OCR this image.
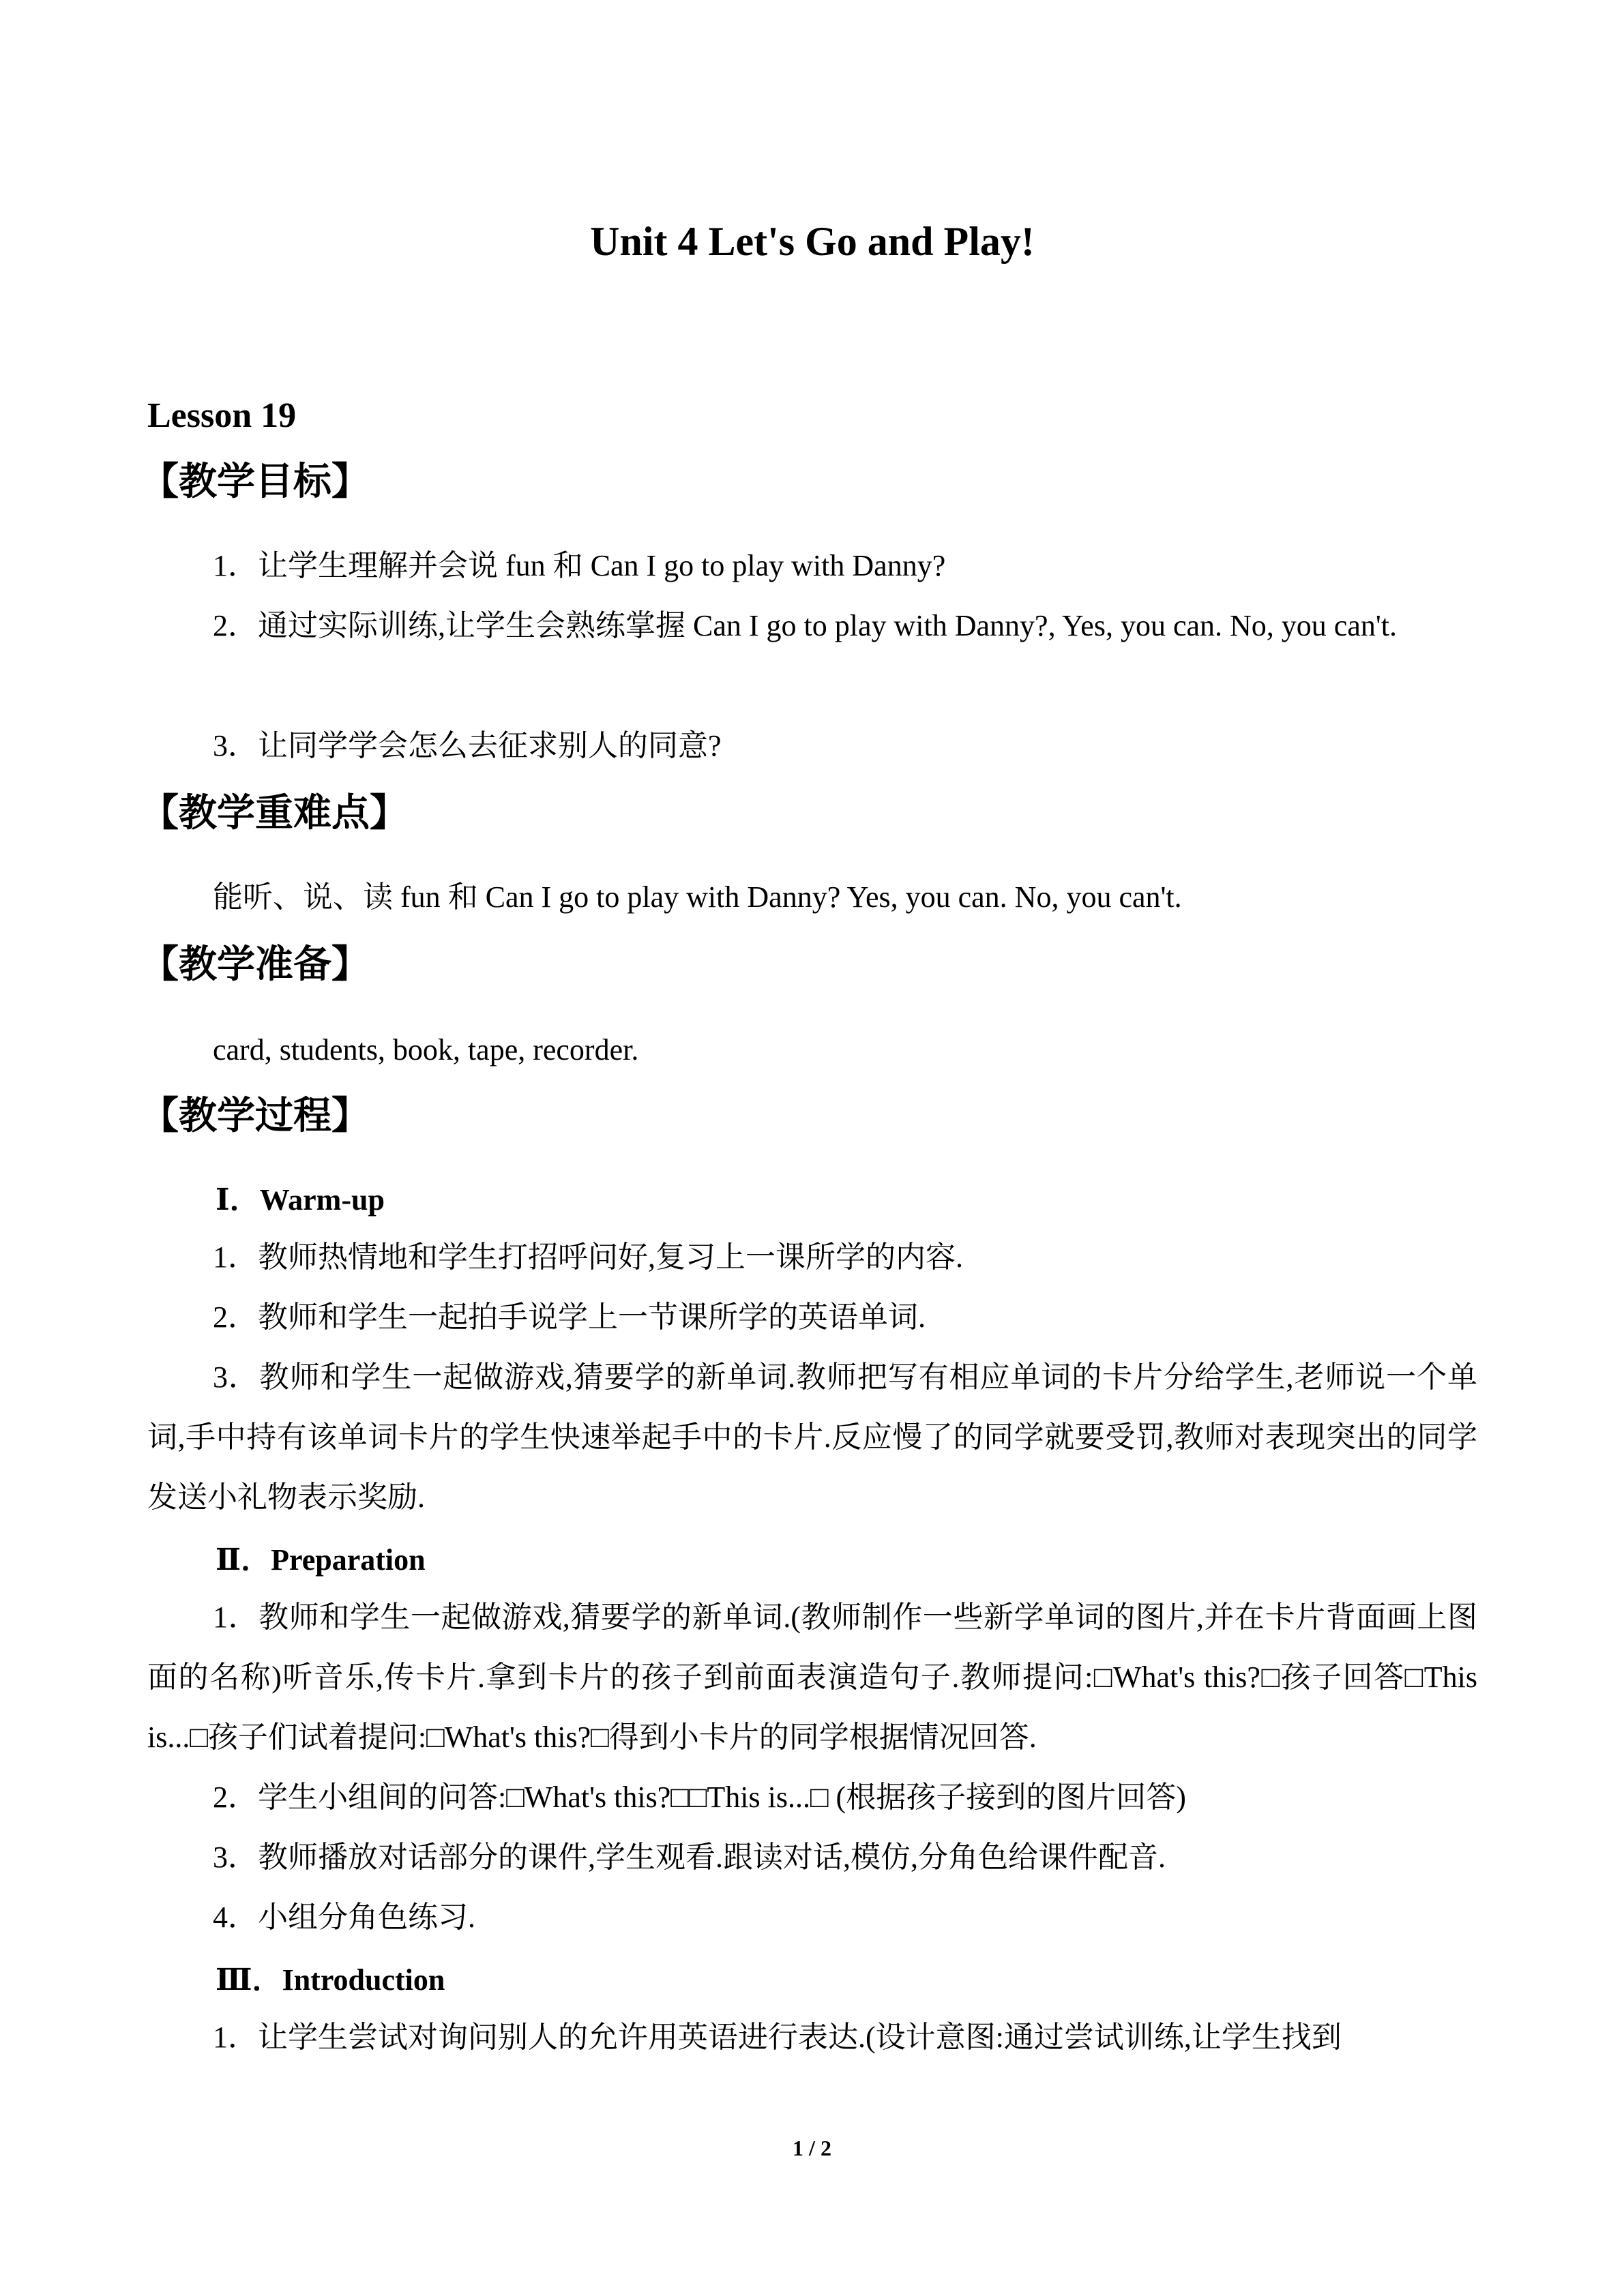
Unit 4 Let's Go and Play!
Lesson 19
【教学目标】
1．让学生理解并会说 fun 和 Can I go to play with Danny?
2．通过实际训练,让学生会熟练掌握 Can I go to play with Danny?, Yes, you can. No, you can't.
3．让同学学会怎么去征求别人的同意?
【教学重难点】
能听、说、读 fun 和 Can I go to play with Danny? Yes, you can. No, you can't.
【教学准备】
card, students, book, tape, recorder.
【教学过程】
Ⅰ．Warm-up
1．教师热情地和学生打招呼问好,复习上一课所学的内容.
2．教师和学生一起拍手说学上一节课所学的英语单词.
3．教师和学生一起做游戏,猜要学的新单词.教师把写有相应单词的卡片分给学生,老师说一个单词,手中持有该单词卡片的学生快速举起手中的卡片.反应慢了的同学就要受罚,教师对表现突出的同学发送小礼物表示奖励.
Ⅱ．Preparation
1．教师和学生一起做游戏,猜要学的新单词.(教师制作一些新学单词的图片,并在卡片背面画上图面的名称)听音乐,传卡片.拿到卡片的孩子到前面表演造句子.教师提问:□What's this?□孩子回答□This is...□孩子们试着提问:□What's this?□得到小卡片的同学根据情况回答.
2．学生小组间的问答:□What's this?□□This is...□ (根据孩子接到的图片回答)
3．教师播放对话部分的课件,学生观看.跟读对话,模仿,分角色给课件配音.
4．小组分角色练习.
Ⅲ．Introduction
1．让学生尝试对询问别人的允许用英语进行表达.(设计意图:通过尝试训练,让学生找到
1 / 2
